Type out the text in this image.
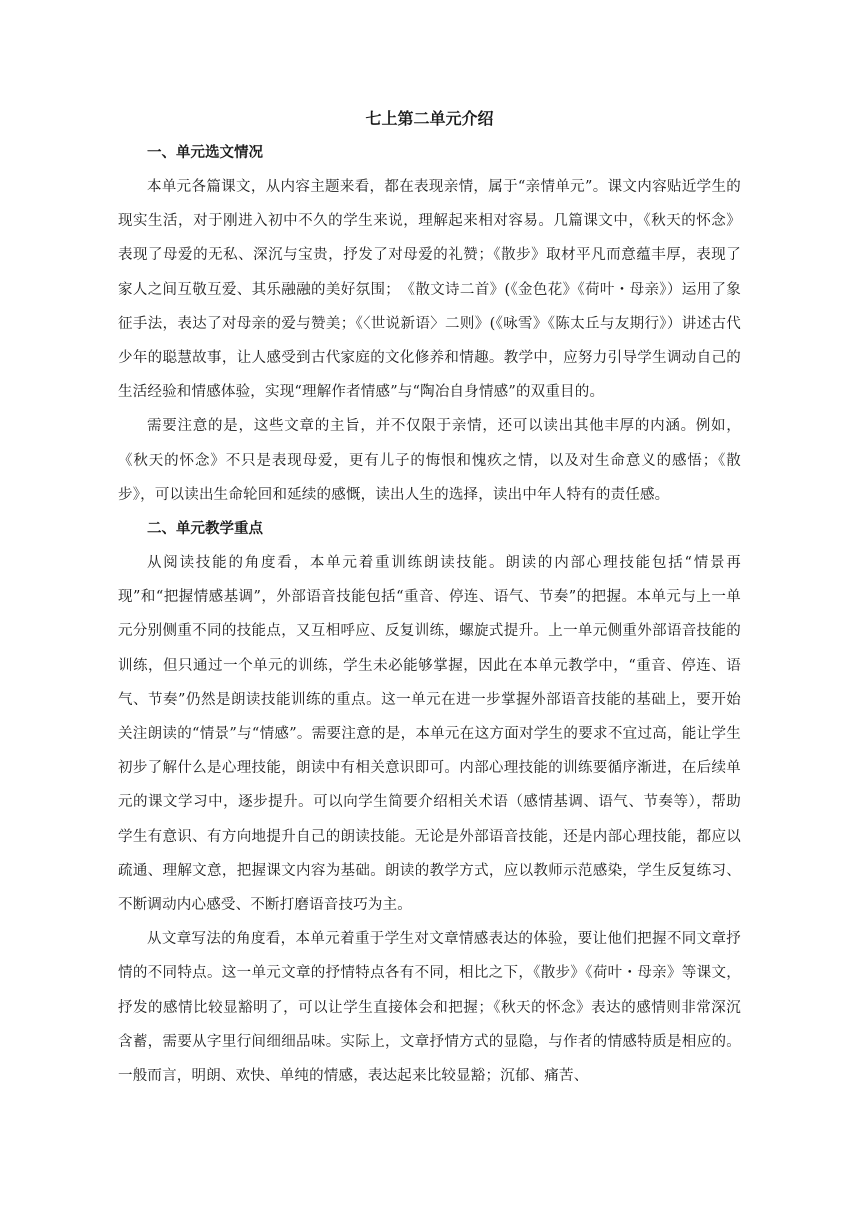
七上第二单元介绍
一、单元选文情况

本单元各篇课文，从内容主题来看，都在表现亲情，属于“亲情单元”。课文内容贴近学生的现实生活，对于刚进入初中不久的学生来说，理解起来相对容易。几篇课文中，《秋天的怀念》表现了母爱的无私、深沉与宝贵，抒发了对母爱的礼赞；《散步》取材平凡而意蕴丰厚，表现了家人之间互敬互爱、其乐融融的美好氛围；　《散文诗二首》(《金色花》《荷叶・母亲》）运用了象征手法，表达了对母亲的爱与赞美；《〈世说新语〉二则》(《咏雪》《陈太丘与友期行》）讲述古代少年的聪慧故事，让人感受到古代家庭的文化修养和情趣。教学中，应努力引导学生调动自己的生活经验和情感体验，实现“理解作者情感”与“陶冶自身情感”的双重目的。

需要注意的是，这些文章的主旨，并不仅限于亲情，还可以读出其他丰厚的内涵。例如，《秋天的怀念》不只是表现母爱，更有儿子的悔恨和愧疚之情，以及对生命意义的感悟；《散步》，可以读出生命轮回和延续的感慨，读出人生的选择，读出中年人特有的责任感。

二、单元教学重点

从阅读技能的角度看，本单元着重训练朗读技能。朗读的内部心理技能包括“情景再现”和“把握情感基调”，外部语音技能包括“重音、停连、语气、节奏”的把握。本单元与上一单元分别侧重不同的技能点，又互相呼应、反复训练，螺旋式提升。上一单元侧重外部语音技能的训练，但只通过一个单元的训练，学生未必能够掌握，因此在本单元教学中，“重音、停连、语气、节奏”仍然是朗读技能训练的重点。这一单元在进一步掌握外部语音技能的基础上，要开始关注朗读的“情景”与“情感”。需要注意的是，本单元在这方面对学生的要求不宜过高，能让学生初步了解什么是心理技能，朗读中有相关意识即可。内部心理技能的训练要循序渐进，在后续单元的课文学习中，逐步提升。可以向学生简要介绍相关术语（感情基调、语气、节奏等），帮助学生有意识、有方向地提升自己的朗读技能。无论是外部语音技能，还是内部心理技能，都应以疏通、理解文意，把握课文内容为基础。朗读的教学方式，应以教师示范感染，学生反复练习、不断调动内心感受、不断打磨语音技巧为主。

从文章写法的角度看，本单元着重于学生对文章情感表达的体验，要让他们把握不同文章抒情的不同特点。这一单元文章的抒情特点各有不同，相比之下，《散步》《荷叶・母亲》等课文，抒发的感情比较显豁明了，可以让学生直接体会和把握；《秋天的怀念》表达的感情则非常深沉含蓄，需要从字里行间细细品味。实际上，文章抒情方式的显隐，与作者的情感特质是相应的。一般而言，明朗、欢快、单纯的情感，表达起来比较显豁；沉郁、痛苦、
